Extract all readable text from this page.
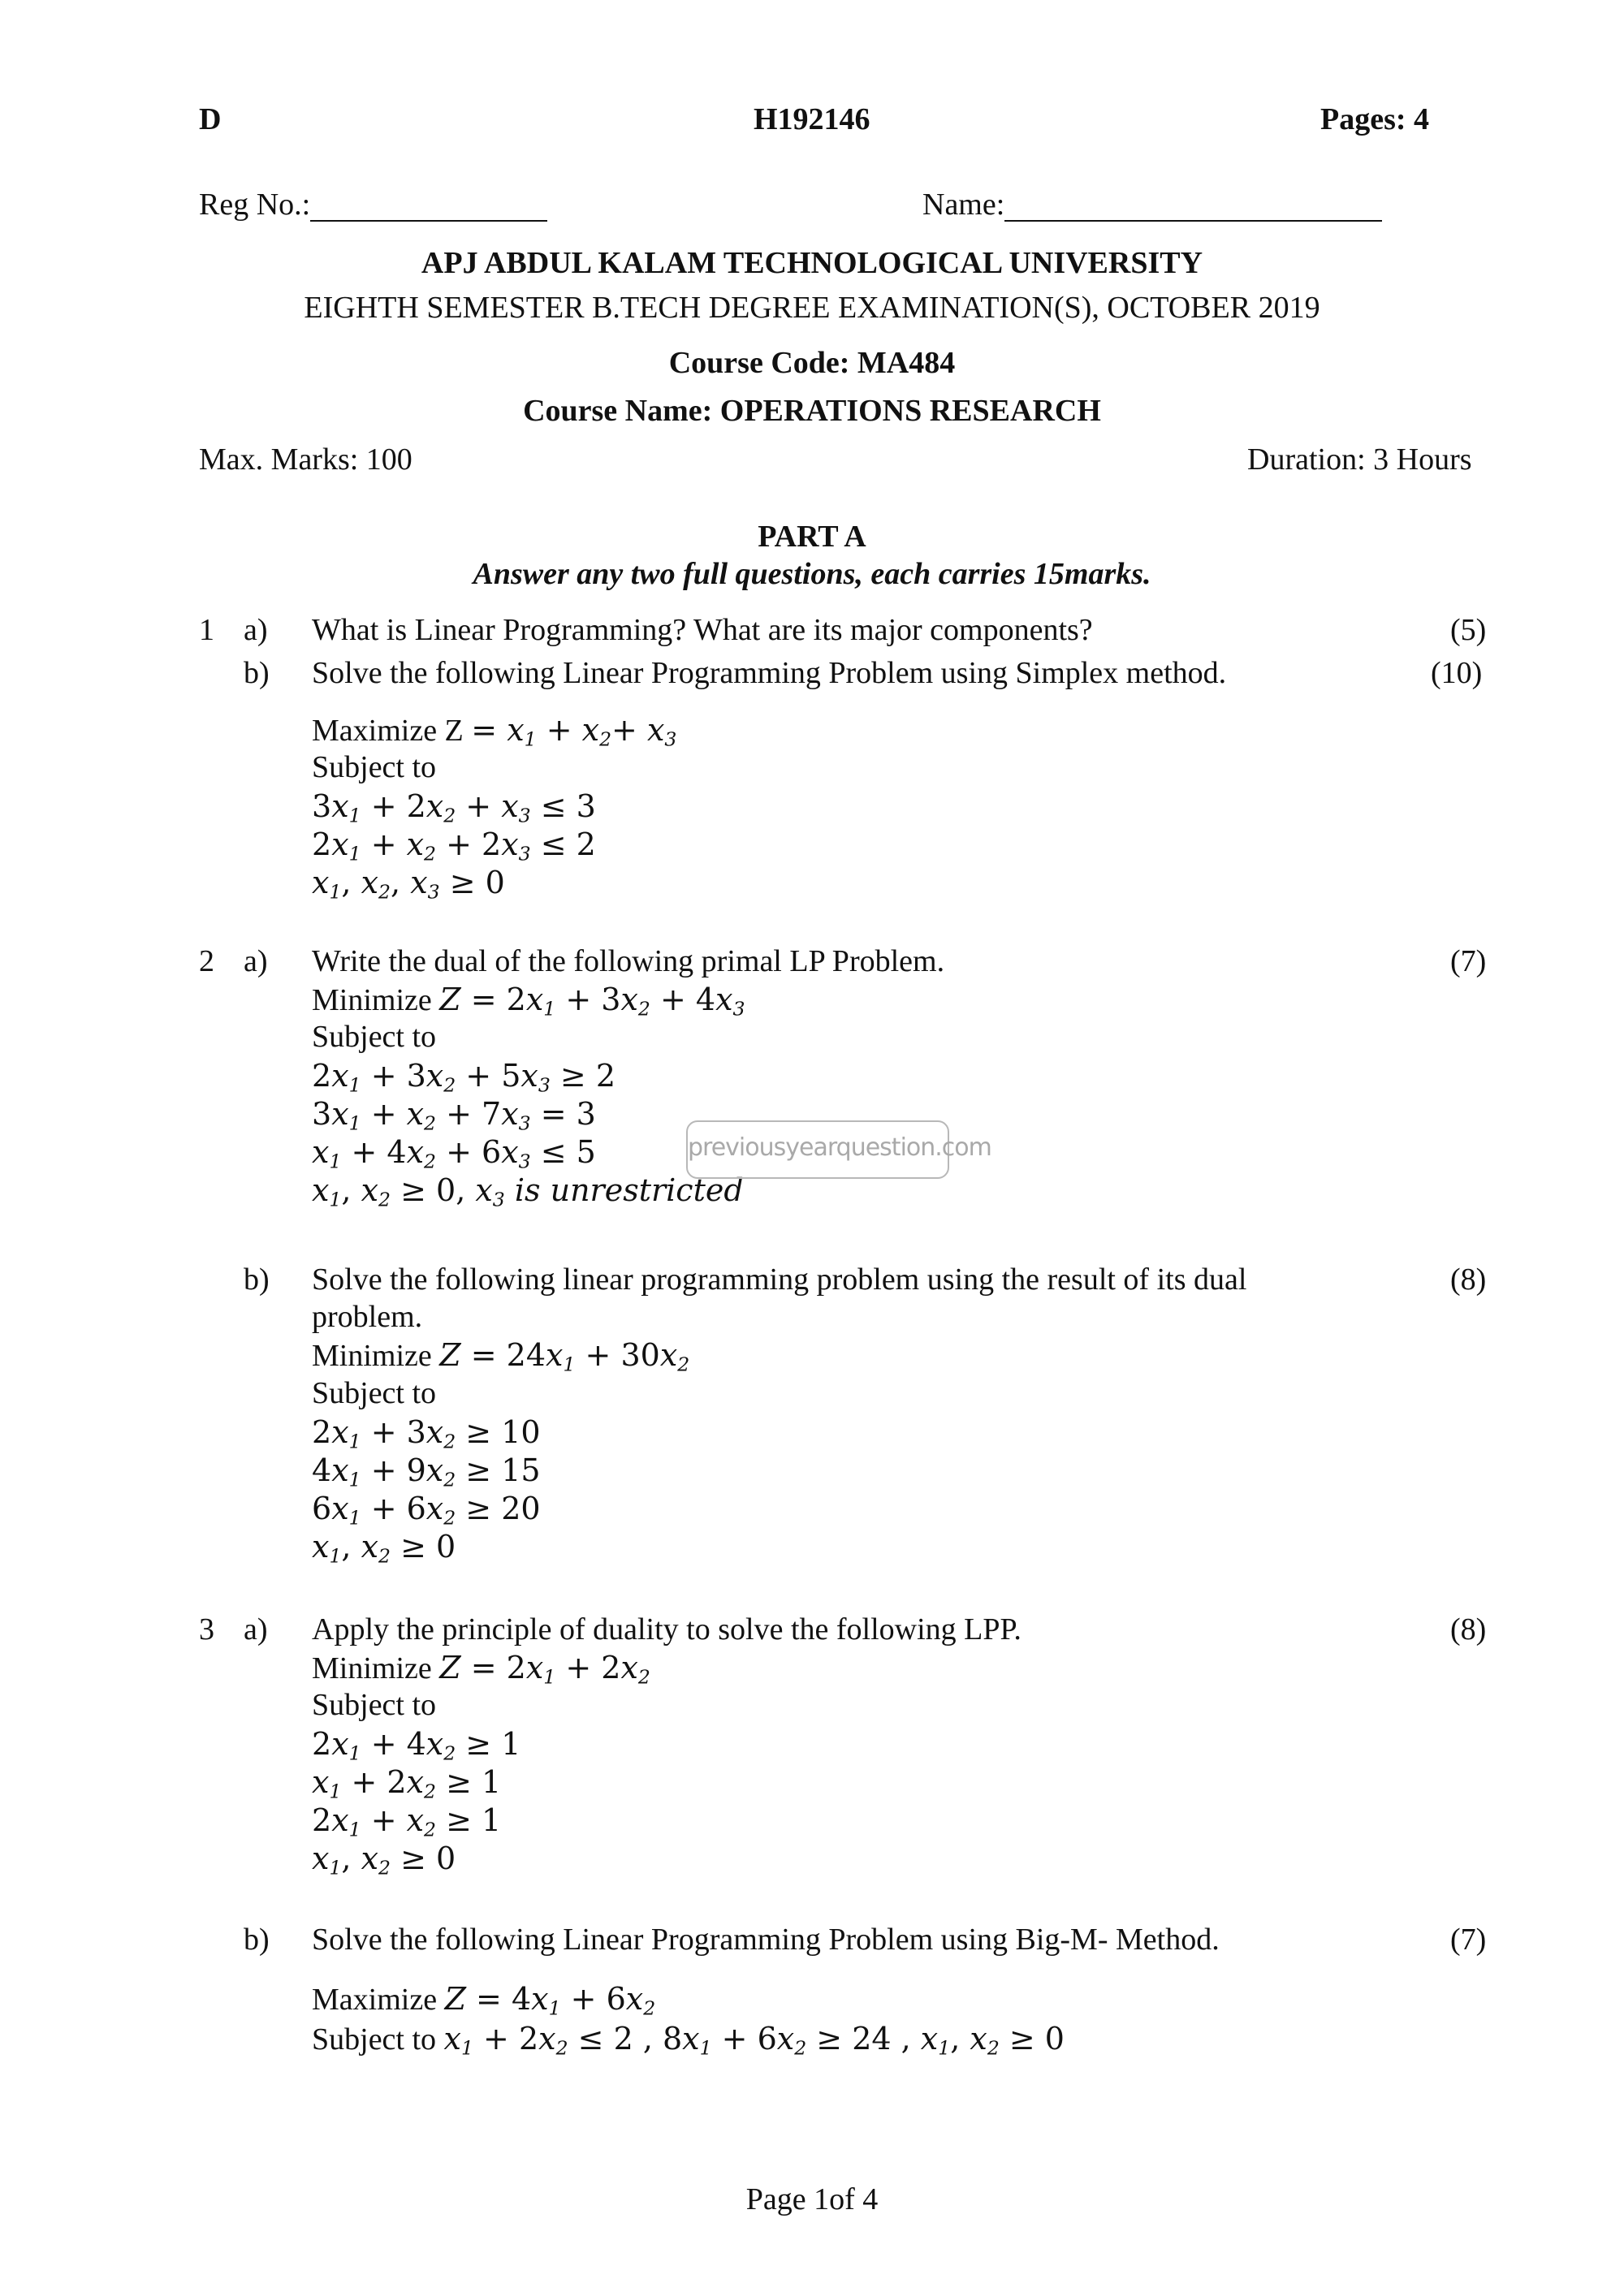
D	H192146	Pages: 4
Reg No.:	Name:
APJ ABDUL KALAM TECHNOLOGICAL UNIVERSITY
EIGHTH SEMESTER B.TECH DEGREE EXAMINATION(S), OCTOBER 2019
Course Code: MA484
Course Name: OPERATIONS RESEARCH
Max. Marks: 100	Duration: 3 Hours
PART A
Answer any two full questions, each carries 15marks.
1 a) What is Linear Programming? What are its major components?	(5)
b) Solve the following Linear Programming Problem using Simplex method.	(10)
Maximize $Z = x_1 + x_2+ x_3$
Subject to
$3x_1 + 2x_2 + x_3 \le 3$
$2x_1 + x_2 + 2x_3 \le 2$
$x_1$, $x_2$, $x_3 \ge 0$
2 a) Write the dual of the following primal LP Problem.	(7)
Minimize $Z = 2x_1 + 3x_2 + 4x_3$
Subject to
$2x_1 + 3x_2 + 5x_3 \ge 2$
$3x_1 + x_2 + 7x_3 = 3$
$x_1 + 4x_2 + 6x_3 \le 5$
$x_1$, $x_2 \ge 0$, $x_3$ is unrestricted
previousyearquestion.com
b) Solve the following linear programming problem using the result of its dual	(8)
problem.
Minimize $Z = 24x_1 + 30x_2$
Subject to
$2x_1 + 3x_2 \ge 10$
$4x_1 + 9x_2 \ge 15$
$6x_1 + 6x_2 \ge 20$
$x_1$, $x_2 \ge 0$
3 a) Apply the principle of duality to solve the following LPP.	(8)
Minimize $Z = 2x_1 + 2x_2$
Subject to
$2x_1 + 4x_2 \ge 1$
$x_1 + 2x_2 \ge 1$
$2x_1 + x_2 \ge 1$
$x_1$, $x_2 \ge 0$
b) Solve the following Linear Programming Problem using Big-M- Method.	(7)
Maximize $Z = 4x_1 + 6x_2$
Subject to $x_1 + 2x_2 \le 2$ , $8x_1 + 6x_2 \ge 24$ , $x_1$, $x_2 \ge 0$
Page 1of 4
